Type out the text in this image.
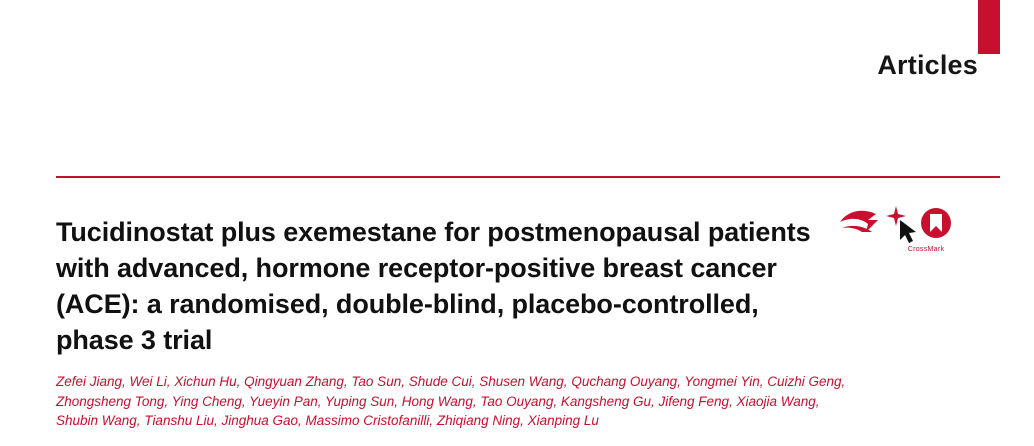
Articles
Tucidinostat plus exemestane for postmenopausal patients with advanced, hormone receptor-positive breast cancer (ACE): a randomised, double-blind, placebo-controlled, phase 3 trial
Zefei Jiang, Wei Li, Xichun Hu, Qingyuan Zhang, Tao Sun, Shude Cui, Shusen Wang, Quchang Ouyang, Yongmei Yin, Cuizhi Geng, Zhongsheng Tong, Ying Cheng, Yueyin Pan, Yuping Sun, Hong Wang, Tao Ouyang, Kangsheng Gu, Jifeng Feng, Xiaojia Wang, Shubin Wang, Tianshu Liu, Jinghua Gao, Massimo Cristofanilli, Zhiqiang Ning, Xianping Lu
CrossMark
